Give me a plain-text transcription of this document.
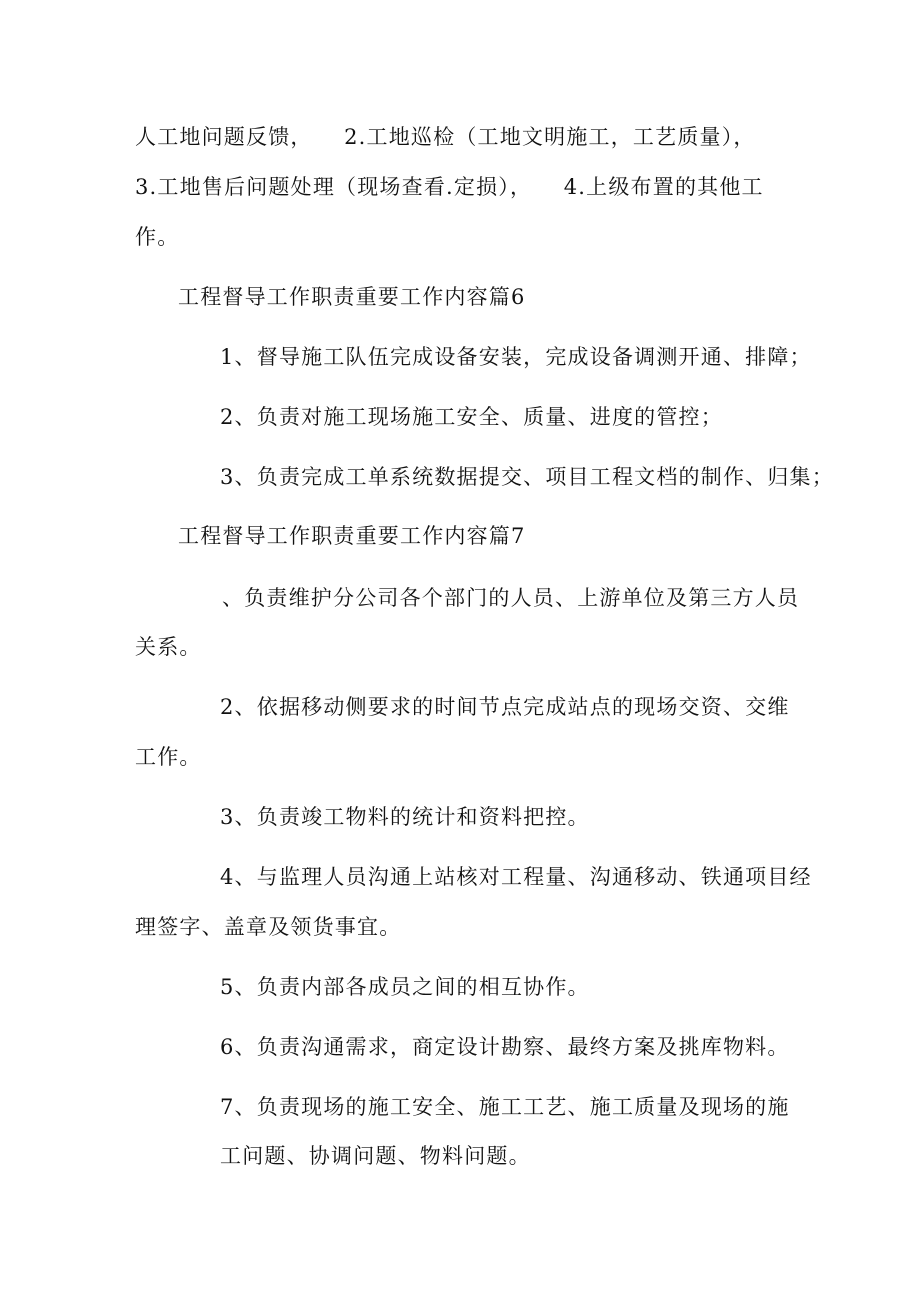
人工地问题反馈，    2.工地巡检（工地文明施工，工艺质量），
3.工地售后问题处理（现场查看.定损），    4.上级布置的其他工
作。
工程督导工作职责重要工作内容篇6
1、督导施工队伍完成设备安装，完成设备调测开通、排障；
2、负责对施工现场施工安全、质量、进度的管控；
3、负责完成工单系统数据提交、项目工程文档的制作、归集；
工程督导工作职责重要工作内容篇7
、负责维护分公司各个部门的人员、上游单位及第三方人员
关系。
2、依据移动侧要求的时间节点完成站点的现场交资、交维
工作。
3、负责竣工物料的统计和资料把控。
4、与监理人员沟通上站核对工程量、沟通移动、铁通项目经
理签字、盖章及领货事宜。
5、负责内部各成员之间的相互协作。
6、负责沟通需求，商定设计勘察、最终方案及挑库物料。
7、负责现场的施工安全、施工工艺、施工质量及现场的施
工问题、协调问题、物料问题。
